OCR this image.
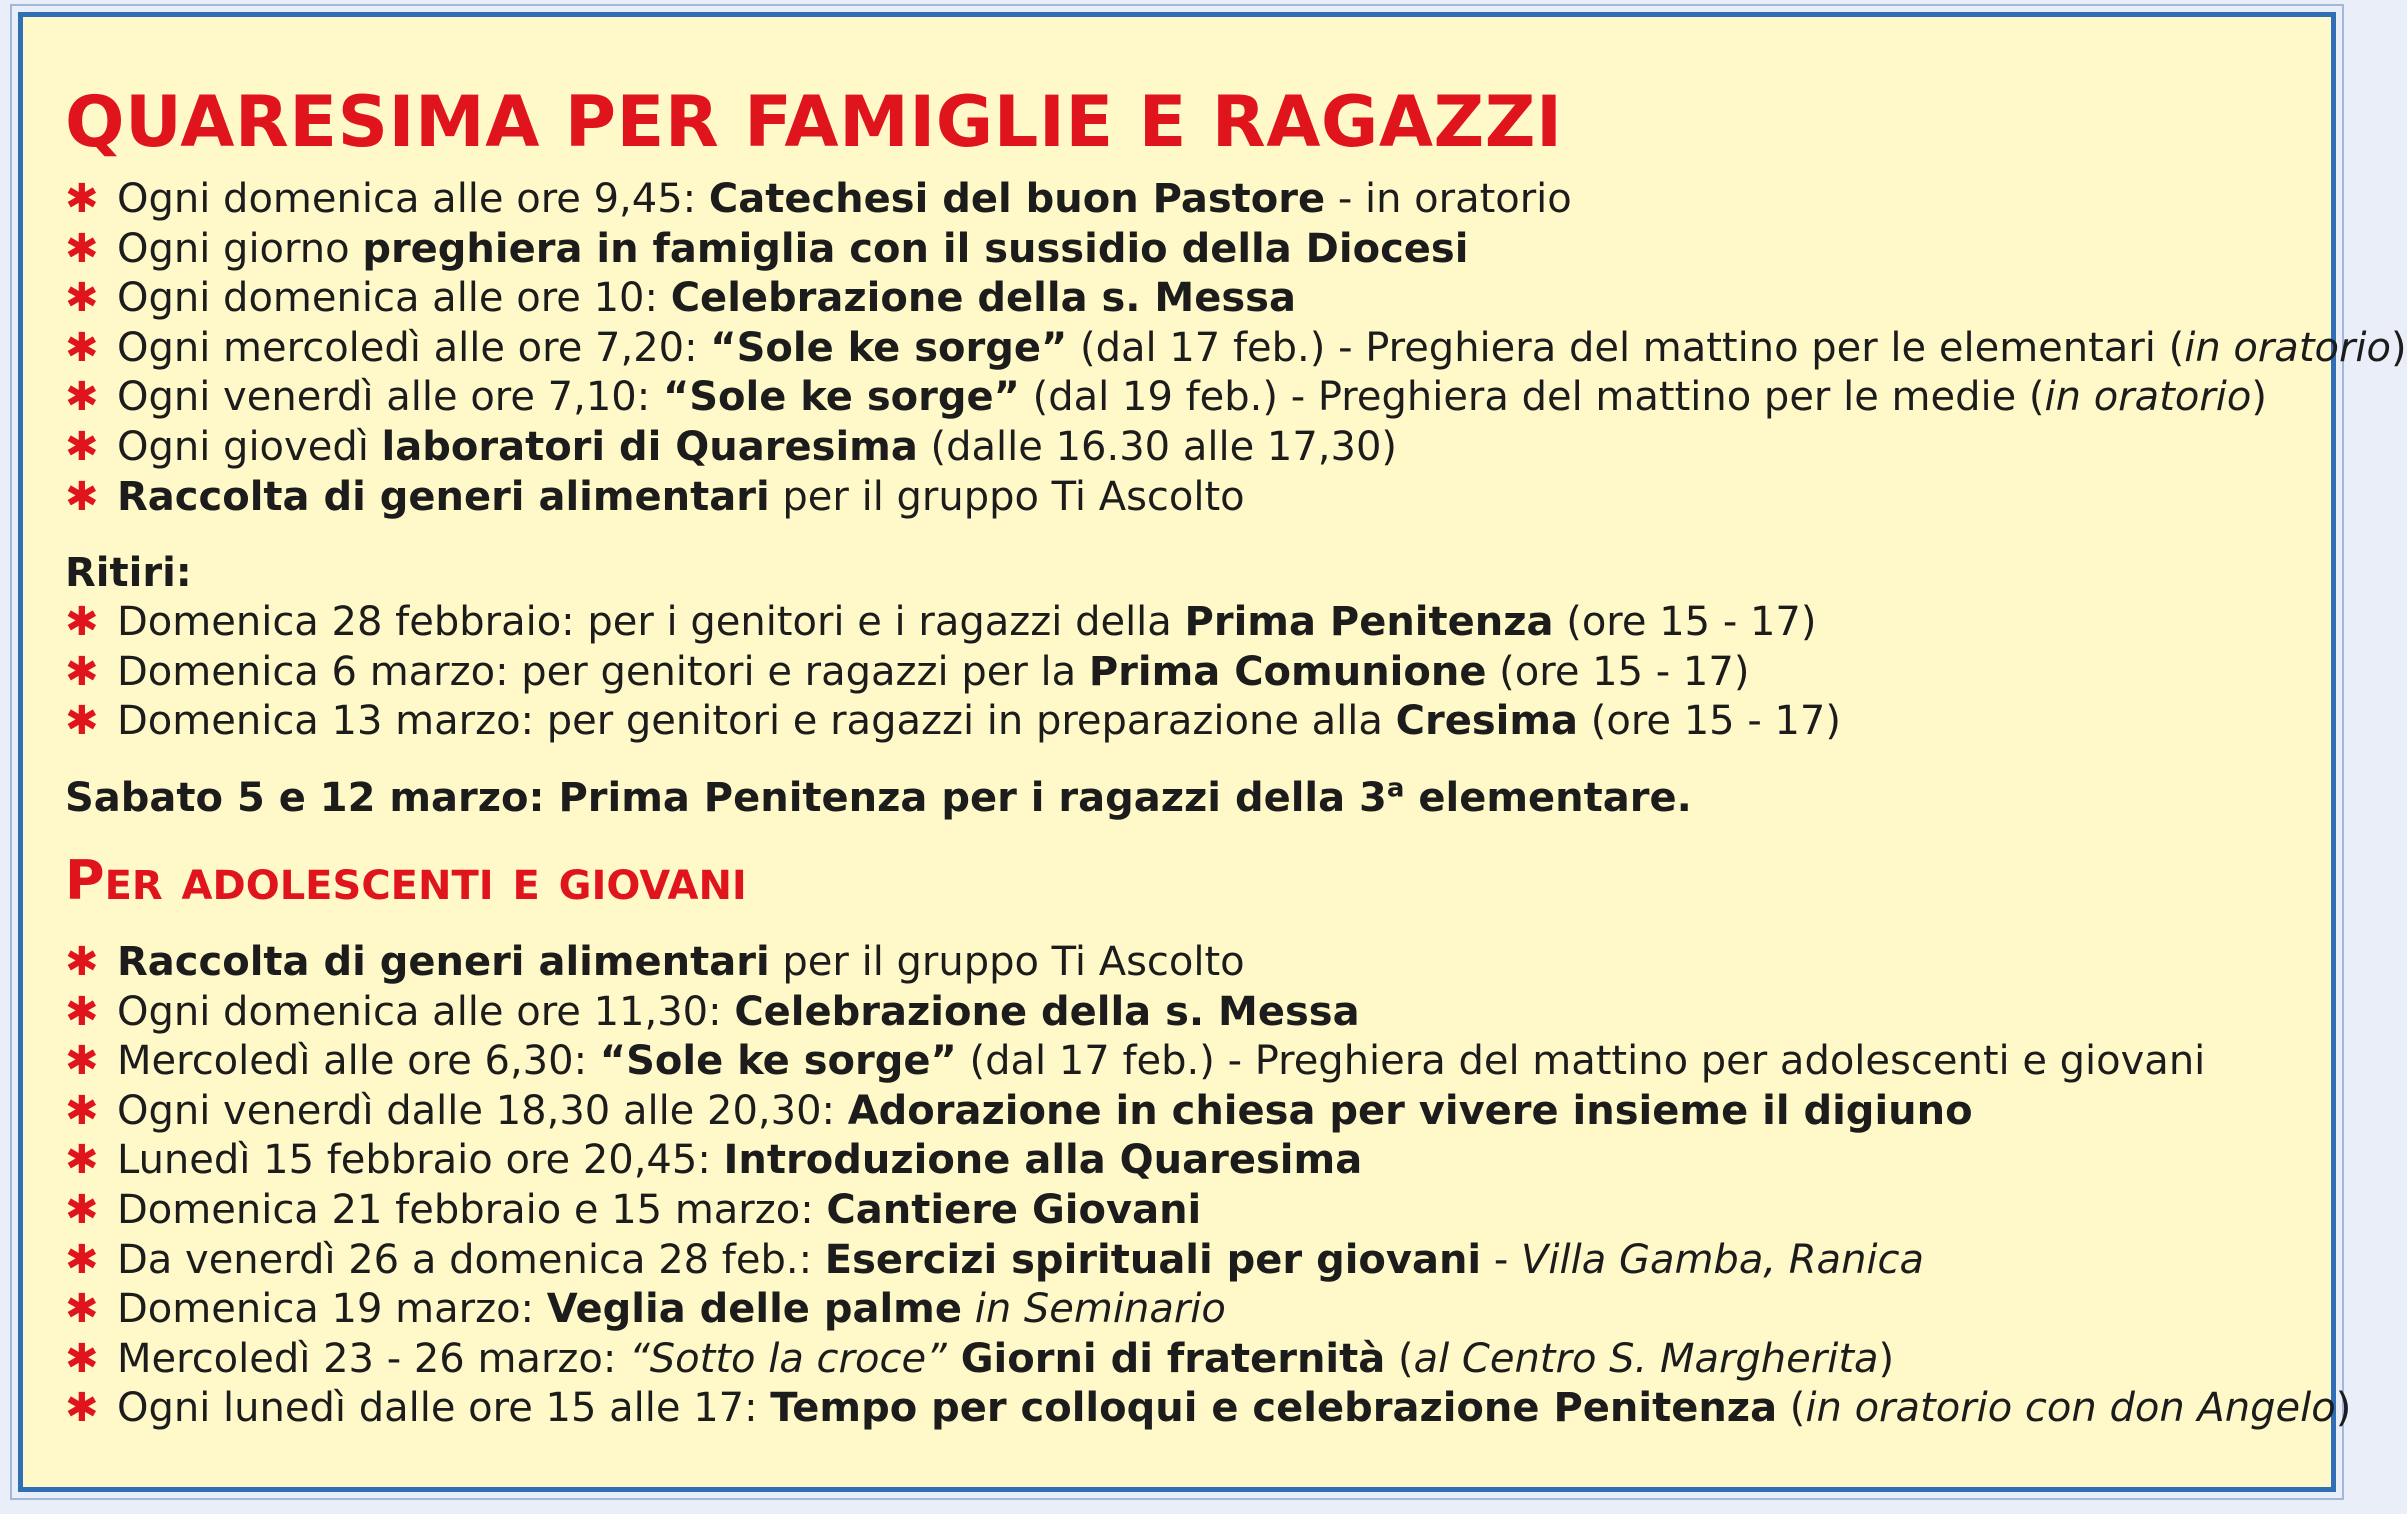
QUARESIMA PER FAMIGLIE E RAGAZZI
✱ Ogni domenica alle ore 9,45: Catechesi del buon Pastore - in oratorio
✱ Ogni giorno preghiera in famiglia con il sussidio della Diocesi
✱ Ogni domenica alle ore 10: Celebrazione della s. Messa
✱ Ogni mercoledì alle ore 7,20: “Sole ke sorge” (dal 17 feb.) - Preghiera del mattino per le elementari (in oratorio)
✱ Ogni venerdì alle ore 7,10: “Sole ke sorge” (dal 19 feb.) - Preghiera del mattino per le medie (in oratorio)
✱ Ogni giovedì laboratori di Quaresima (dalle 16.30 alle 17,30)
✱ Raccolta di generi alimentari per il gruppo Ti Ascolto
Ritiri:
✱ Domenica 28 febbraio: per i genitori e i ragazzi della Prima Penitenza (ore 15 - 17)
✱ Domenica 6 marzo: per genitori e ragazzi per la Prima Comunione (ore 15 - 17)
✱ Domenica 13 marzo: per genitori e ragazzi in preparazione alla Cresima (ore 15 - 17)
Sabato 5 e 12 marzo: Prima Penitenza per i ragazzi della 3$^a$ elementare.
PER ADOLESCENTI E GIOVANI
✱ Raccolta di generi alimentari per il gruppo Ti Ascolto
✱ Ogni domenica alle ore 11,30: Celebrazione della s. Messa
✱ Mercoledì alle ore 6,30: “Sole ke sorge” (dal 17 feb.) - Preghiera del mattino per adolescenti e giovani
✱ Ogni venerdì dalle 18,30 alle 20,30: Adorazione in chiesa per vivere insieme il digiuno
✱ Lunedì 15 febbraio ore 20,45: Introduzione alla Quaresima
✱ Domenica 21 febbraio e 15 marzo: Cantiere Giovani
✱ Da venerdì 26 a domenica 28 feb.: Esercizi spirituali per giovani - Villa Gamba, Ranica
✱ Domenica 19 marzo: Veglia delle palme in Seminario
✱ Mercoledì 23 - 26 marzo: “Sotto la croce” Giorni di fraternità (al Centro S. Margherita)
✱ Ogni lunedì dalle ore 15 alle 17: Tempo per colloqui e celebrazione Penitenza (in oratorio con don Angelo)
